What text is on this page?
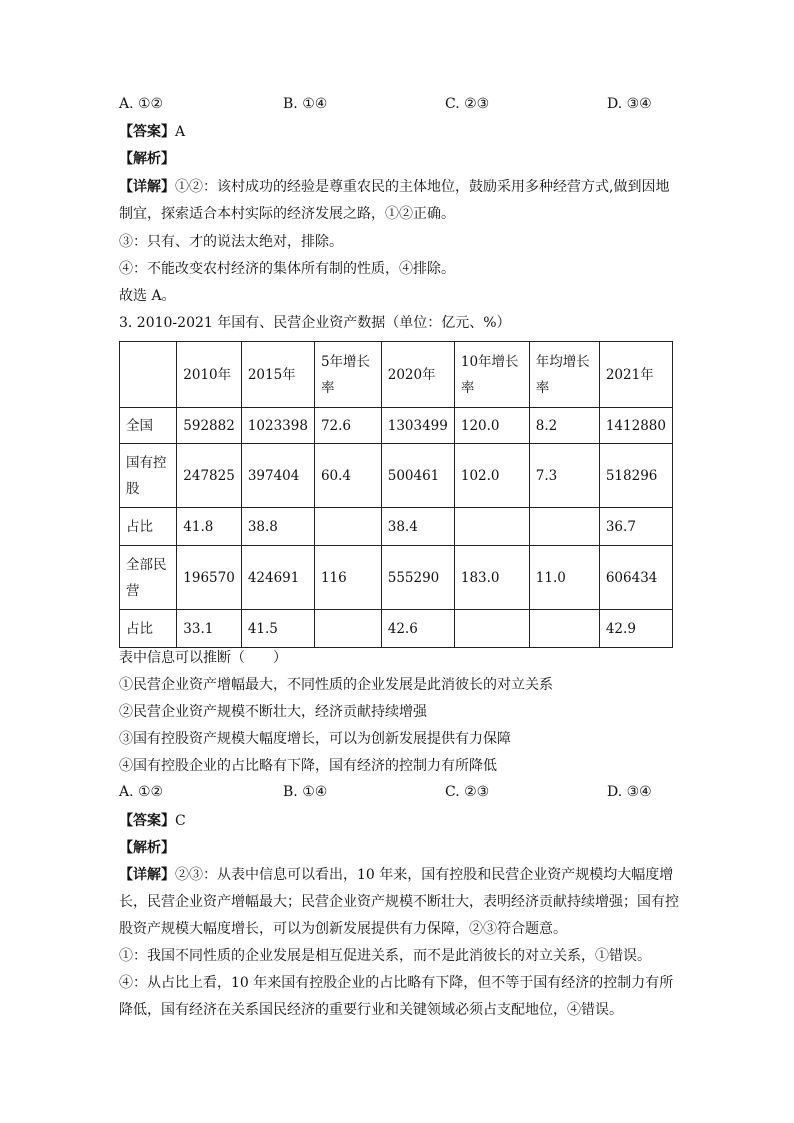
A. ①②	B. ①④	C. ②③	D. ③④
【答案】A
【解析】
【详解】①②：该村成功的经验是尊重农民的主体地位，鼓励采用多种经营方式,做到因地制宜，探索适合本村实际的经济发展之路，①②正确。
③：只有、才的说法太绝对，排除。
④：不能改变农村经济的集体所有制的性质，④排除。
故选 A。
3. 2010-2021 年国有、民营企业资产数据（单位：亿元、%）
	2010年	2015年	5年增长率	2020年	10年增长率	年均增长率	2021年
全国	592882	1023398	72.6	1303499	120.0	8.2	1412880
国有控股	247825	397404	60.4	500461	102.0	7.3	518296
占比	41.8	38.8		38.4			36.7
全部民营	196570	424691	116	555290	183.0	11.0	606434
占比	33.1	41.5		42.6			42.9
表中信息可以推断（　　）
①民营企业资产增幅最大，不同性质的企业发展是此消彼长的对立关系
②民营企业资产规模不断壮大，经济贡献持续增强
③国有控股资产规模大幅度增长，可以为创新发展提供有力保障
④国有控股企业的占比略有下降，国有经济的控制力有所降低
A. ①②	B. ①④	C. ②③	D. ③④
【答案】C
【解析】
【详解】②③：从表中信息可以看出，10 年来，国有控股和民营企业资产规模均大幅度增长，民营企业资产增幅最大；民营企业资产规模不断壮大，表明经济贡献持续增强；国有控股资产规模大幅度增长，可以为创新发展提供有力保障，②③符合题意。
①：我国不同性质的企业发展是相互促进关系，而不是此消彼长的对立关系，①错误。
④：从占比上看，10 年来国有控股企业的占比略有下降，但不等于国有经济的控制力有所降低，国有经济在关系国民经济的重要行业和关键领域必须占支配地位，④错误。
